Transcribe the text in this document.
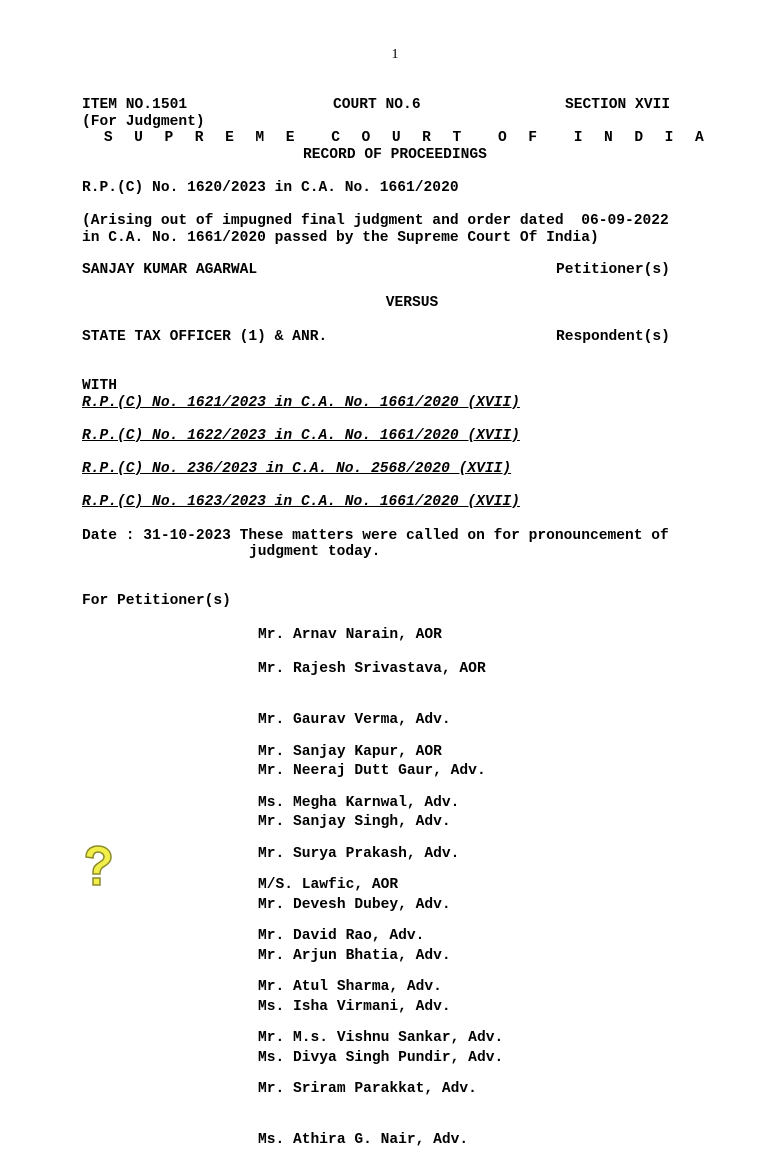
1
ITEM NO.1501	COURT NO.6	SECTION XVII
(For Judgment)
S U P R E M E  C O U R T  O F  I N D I A
RECORD OF PROCEEDINGS
R.P.(C) No. 1620/2023 in C.A. No. 1661/2020
(Arising out of impugned final judgment and order dated  06-09-2022
in C.A. No. 1661/2020 passed by the Supreme Court Of India)
SANJAY KUMAR AGARWAL	Petitioner(s)
VERSUS
STATE TAX OFFICER (1) & ANR.	Respondent(s)
WITH
R.P.(C) No. 1621/2023 in C.A. No. 1661/2020 (XVII)
R.P.(C) No. 1622/2023 in C.A. No. 1661/2020 (XVII)
R.P.(C) No. 236/2023 in C.A. No. 2568/2020 (XVII)
R.P.(C) No. 1623/2023 in C.A. No. 1661/2020 (XVII)
Date : 31-10-2023 These matters were called on for pronouncement of
judgment today.
For Petitioner(s)

Mr. Arnav Narain, AOR

Mr. Rajesh Srivastava, AOR

Mr. Gaurav Verma, Adv.

Mr. Neeraj Dutt Gaur, Adv.

Mr. Sanjay Singh, Adv.

Mr. Sanjay Kapur, AOR

Ms. Megha Karnwal, Adv.

Mr. Surya Prakash, Adv.

Mr. Devesh Dubey, Adv.

Mr. Arjun Bhatia, Adv.

Ms. Isha Virmani, Adv.

Ms. Divya Singh Pundir, Adv.

M/S. Lawfic, AOR

Mr. David Rao, Adv.

Mr. Atul Sharma, Adv.

Mr. M.s. Vishnu Sankar, Adv.

Mr. Sriram Parakkat, Adv.

Ms. Athira G. Nair, Adv.
